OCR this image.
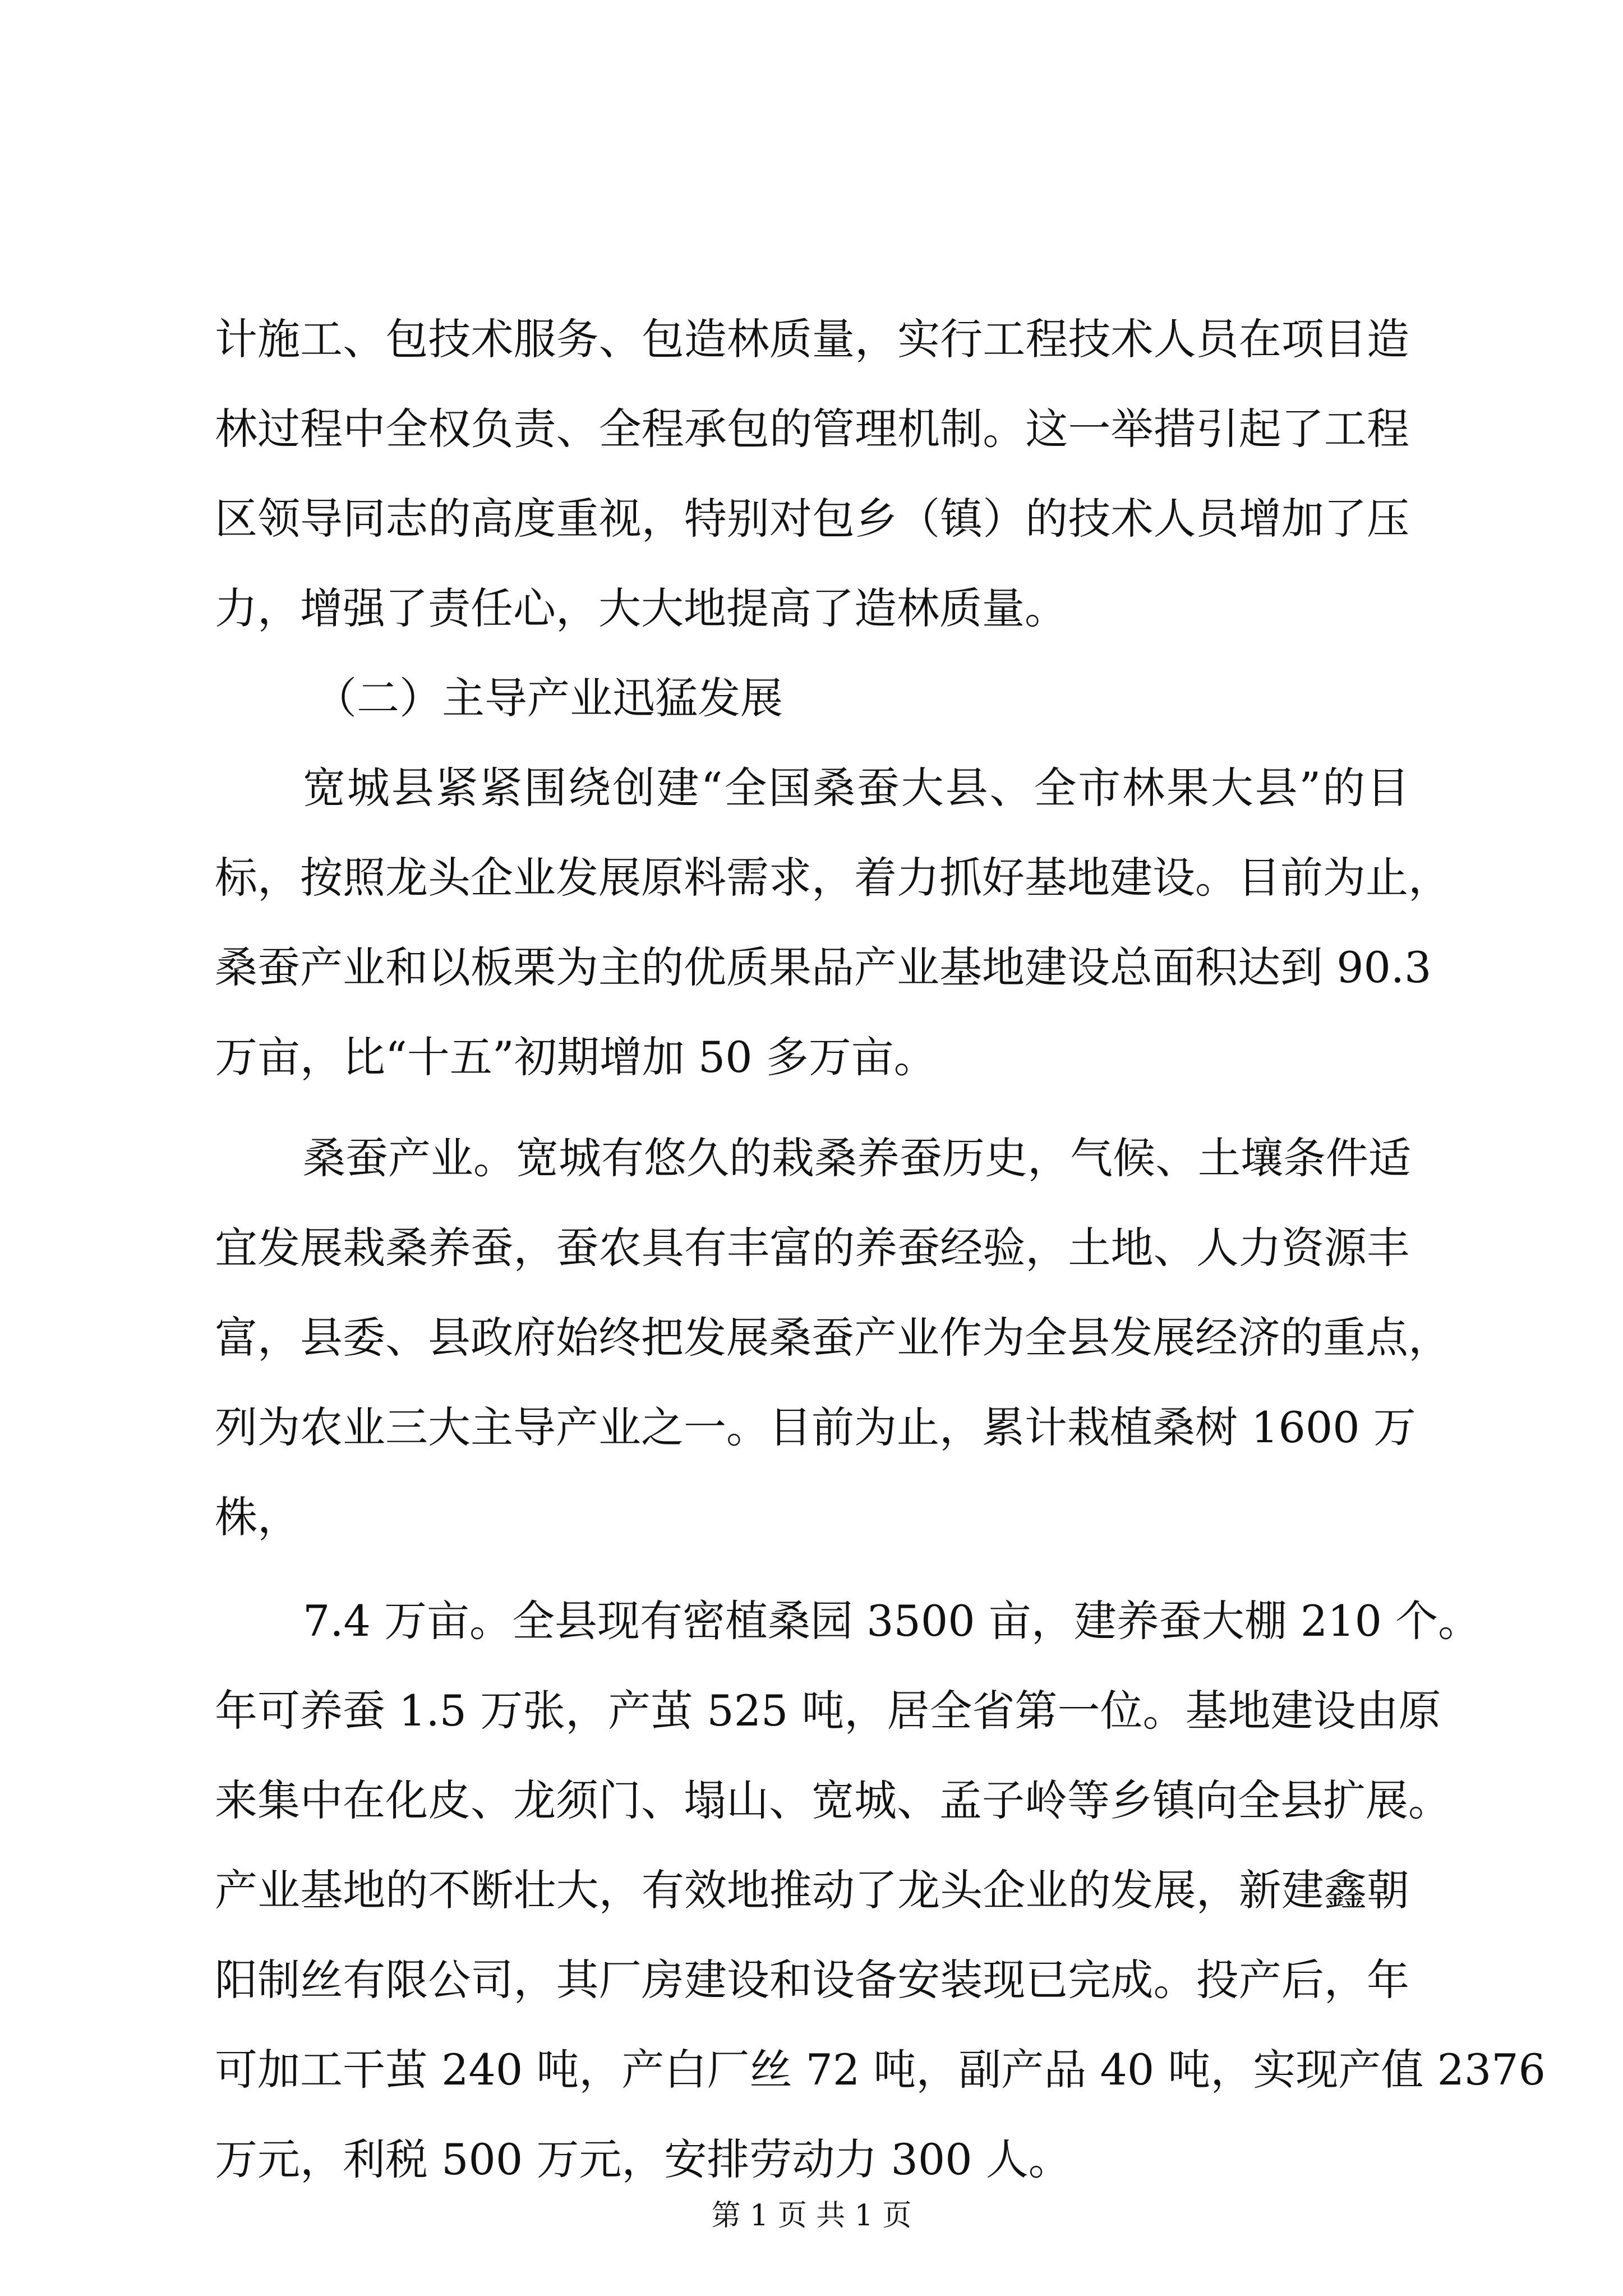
计施工、包技术服务、包造林质量，实行工程技术人员在项目造

林过程中全权负责、全程承包的管理机制。这一举措引起了工程

区领导同志的高度重视，特别对包乡（镇）的技术人员增加了压

力，增强了责任心，大大地提高了造林质量。

（二）主导产业迅猛发展

宽城县紧紧围绕创建“全国桑蚕大县、全市林果大县”的目

标，按照龙头企业发展原料需求，着力抓好基地建设。目前为止，

桑蚕产业和以板栗为主的优质果品产业基地建设总面积达到 90.3

万亩，比“十五”初期增加 50 多万亩。

桑蚕产业。宽城有悠久的栽桑养蚕历史，气候、土壤条件适

宜发展栽桑养蚕，蚕农具有丰富的养蚕经验，土地、人力资源丰

富，县委、县政府始终把发展桑蚕产业作为全县发展经济的重点，

列为农业三大主导产业之一。目前为止，累计栽植桑树 1600 万

株，

7.4 万亩。全县现有密植桑园 3500 亩，建养蚕大棚 210 个。

年可养蚕 1.5 万张，产茧 525 吨，居全省第一位。基地建设由原

来集中在化皮、龙须门、塌山、宽城、孟子岭等乡镇向全县扩展。

产业基地的不断壮大，有效地推动了龙头企业的发展，新建鑫朝

阳制丝有限公司，其厂房建设和设备安装现已完成。投产后，年

可加工干茧 240 吨，产白厂丝 72 吨，副产品 40 吨，实现产值 2376

万元，利税 500 万元，安排劳动力 300 人。

第 1 页 共 1 页
